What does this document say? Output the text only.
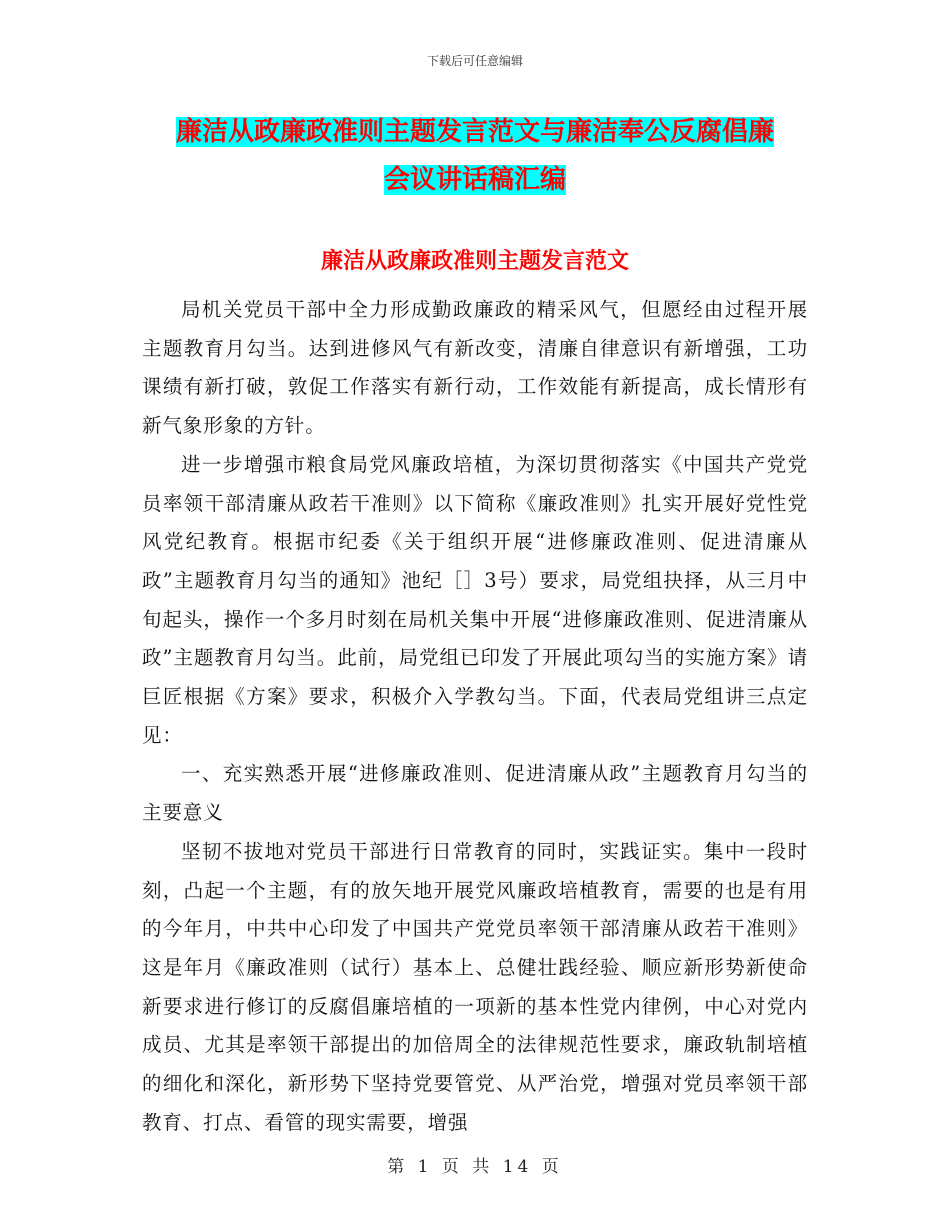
下载后可任意编辑
廉洁从政廉政准则主题发言范文与廉洁奉公反腐倡廉
会议讲话稿汇编
廉洁从政廉政准则主题发言范文

局机关党员干部中全力形成勤政廉政的精采风气，但愿经由过程开展主题教育月勾当。达到进修风气有新改变，清廉自律意识有新增强，工功课绩有新打破，敦促工作落实有新行动，工作效能有新提高，成长情形有新气象形象的方针。

进一步增强市粮食局党风廉政培植，为深切贯彻落实《中国共产党党员率领干部清廉从政若干准则》以下简称《廉政准则》扎实开展好党性党风党纪教育。根据市纪委《关于组织开展“进修廉政准则、促进清廉从政”主题教育月勾当的通知》池纪［］3号）要求，局党组抉择，从三月中旬起头，操作一个多月时刻在局机关集中开展“进修廉政准则、促进清廉从政”主题教育月勾当。此前，局党组已印发了开展此项勾当的实施方案》请巨匠根据《方案》要求，积极介入学教勾当。下面，代表局党组讲三点定见：

一、充实熟悉开展“进修廉政准则、促进清廉从政”主题教育月勾当的主要意义

坚韧不拔地对党员干部进行日常教育的同时，实践证实。集中一段时刻，凸起一个主题，有的放矢地开展党风廉政培植教育，需要的也是有用的今年月，中共中心印发了中国共产党党员率领干部清廉从政若干准则》这是年月《廉政准则（试行）基本上、总健壮践经验、顺应新形势新使命新要求进行修订的反腐倡廉培植的一项新的基本性党内律例，中心对党内成员、尤其是率领干部提出的加倍周全的法律规范性要求，廉政轨制培植的细化和深化，新形势下坚持党要管党、从严治党，增强对党员率领干部教育、打点、看管的现实需要，增强

第 1 页 共 14 页
